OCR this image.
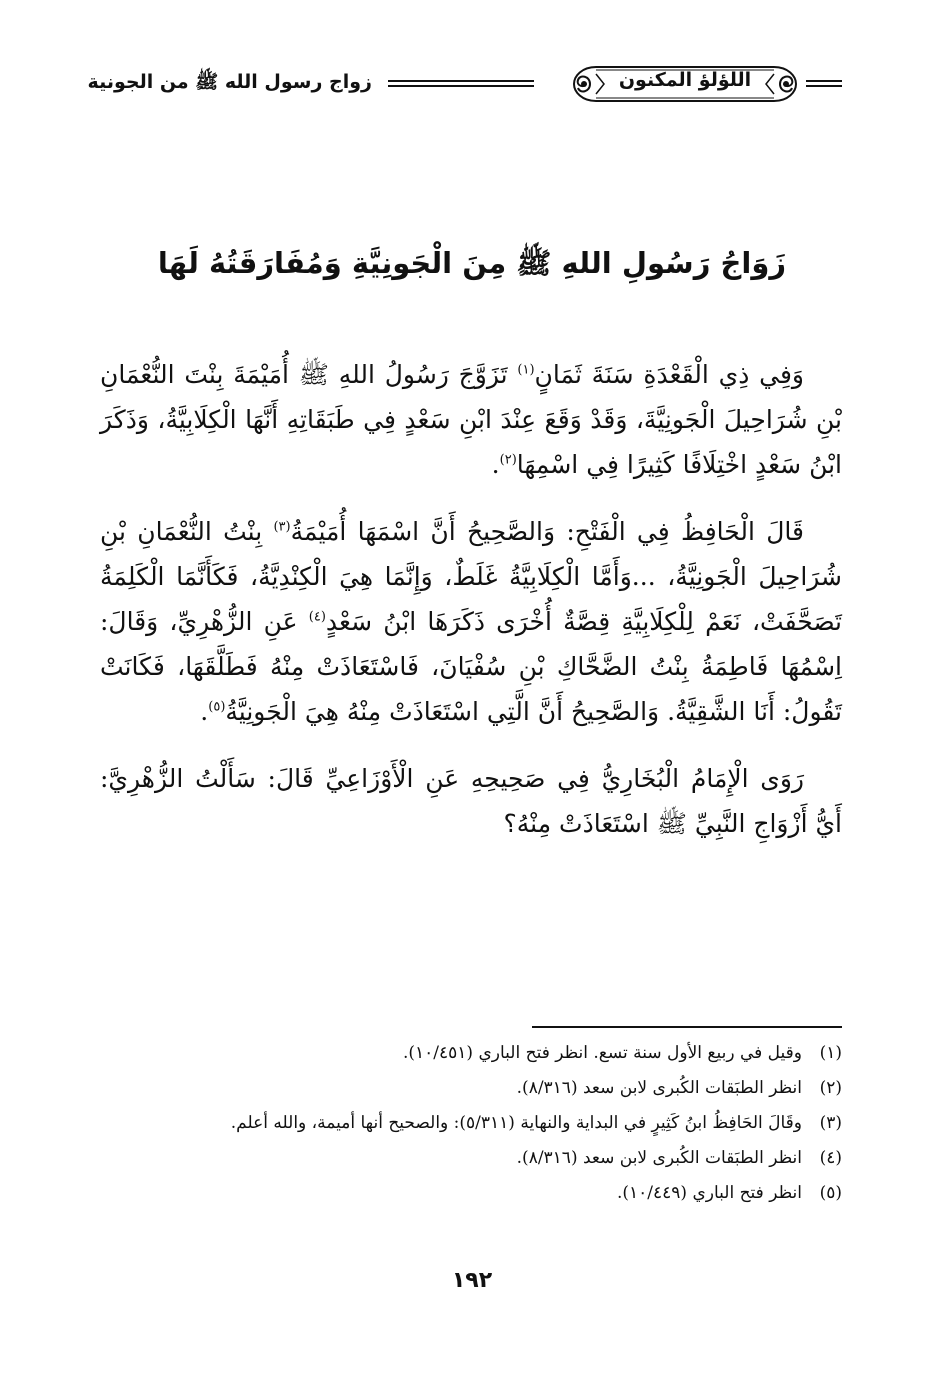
زواج رسول الله ﷺ من الجونية	اللؤلؤ المكنون
زَوَاجُ رَسُولِ اللهِ ﷺ مِنَ الْجَونِيَّةِ وَمُفَارَقَتُهُ لَهَا

وَفِي ذِي الْقَعْدَةِ سَنَةَ ثَمَانٍ$^{(١)}$ تَزَوَّجَ رَسُولُ اللهِ ﷺ أُمَيْمَةَ بِنْتَ النُّعْمَانِ بْنِ شُرَاحِيلَ الْجَونِيَّةَ، وَقَدْ وَقَعَ عِنْدَ ابْنِ سَعْدٍ فِي طَبَقَاتِهِ أَنَّهَا الْكِلَابِيَّةُ، وَذَكَرَ ابْنُ سَعْدٍ اخْتِلَافًا كَثِيرًا فِي اسْمِهَا$^{(٢)}$.

قَالَ الْحَافِظُ فِي الْفَتْحِ: وَالصَّحِيحُ أَنَّ اسْمَهَا أُمَيْمَةُ$^{(٣)}$ بِنْتُ النُّعْمَانِ بْنِ شُرَاحِيلَ الْجَونِيَّةُ، ...وَأَمَّا الْكِلَابِيَّةُ غَلَطٌ، وَإِنَّمَا هِيَ الْكِنْدِيَّةُ، فَكَأَنَّمَا الْكَلِمَةُ تَصَحَّفَتْ، نَعَمْ لِلْكِلَابِيَّةِ قِصَّةٌ أُخْرَى ذَكَرَهَا ابْنُ سَعْدٍ$^{(٤)}$ عَنِ الزُّهْرِيِّ، وَقَالَ: اِسْمُهَا فَاطِمَةُ بِنْتُ الضَّحَّاكِ بْنِ سُفْيَانَ، فَاسْتَعَاذَتْ مِنْهُ فَطَلَّقَهَا، فَكَانَتْ تَقُولُ: أَنَا الشَّقِيَّةُ. وَالصَّحِيحُ أَنَّ الَّتِي اسْتَعَاذَتْ مِنْهُ هِيَ الْجَونِيَّةُ$^{(٥)}$.

رَوَى الْإِمَامُ الْبُخَارِيُّ فِي صَحِيحِهِ عَنِ الْأَوْزَاعِيِّ قَالَ: سَأَلْتُ الزُّهْرِيَّ: أَيُّ أَزْوَاجِ النَّبِيِّ ﷺ اسْتَعَاذَتْ مِنْهُ؟

(١)وقيل في ربيع الأول سنة تسع. انظر فتح الباري (١٠/٤٥١).
(٢)انظر الطبَقات الكُبرى لابن سعد (٨/٣١٦).
(٣)وقَالَ الحَافِظُ ابنُ كَثِيرٍ في البداية والنهاية (٥/٣١١): والصحيح أنها أميمة، والله أعلم.
(٤)انظر الطبَقات الكُبرى لابن سعد (٨/٣١٦).
(٥)انظر فتح الباري (١٠/٤٤٩).
١٩٢
